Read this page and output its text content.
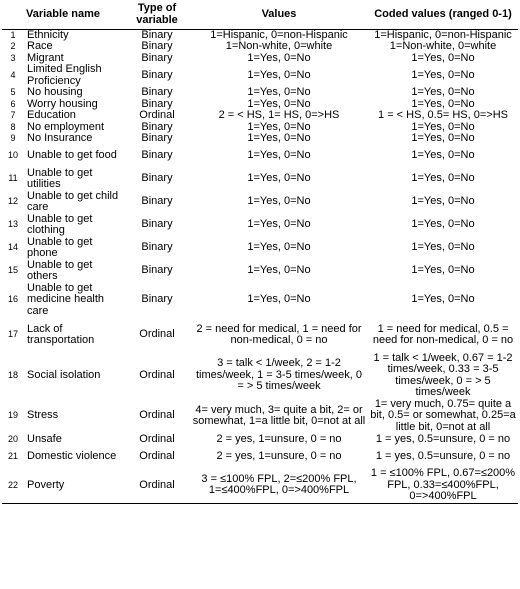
	Variable name	Type of variable	Values	Coded values (ranged 0-1)
1	Ethnicity	Binary	1=Hispanic, 0=non-Hispanic	1=Hispanic, 0=non-Hispanic
2	Race	Binary	1=Non-white, 0=white	1=Non-white, 0=white
3	Migrant	Binary	1=Yes, 0=No	1=Yes, 0=No
4	Limited English Proficiency	Binary	1=Yes, 0=No	1=Yes, 0=No
5	No housing	Binary	1=Yes, 0=No	1=Yes, 0=No
6	Worry housing	Binary	1=Yes, 0=No	1=Yes, 0=No
7	Education	Ordinal	2 = < HS, 1= HS, 0=>HS	1 = < HS, 0.5= HS, 0=>HS
8	No employment	Binary	1=Yes, 0=No	1=Yes, 0=No
9	No Insurance	Binary	1=Yes, 0=No	1=Yes, 0=No
10	Unable to get food	Binary	1=Yes, 0=No	1=Yes, 0=No
11	Unable to get utilities	Binary	1=Yes, 0=No	1=Yes, 0=No
12	Unable to get child care	Binary	1=Yes, 0=No	1=Yes, 0=No
13	Unable to get clothing	Binary	1=Yes, 0=No	1=Yes, 0=No
14	Unable to get phone	Binary	1=Yes, 0=No	1=Yes, 0=No
15	Unable to get others	Binary	1=Yes, 0=No	1=Yes, 0=No
16	Unable to get medicine health care	Binary	1=Yes, 0=No	1=Yes, 0=No
17	Lack of transportation	Ordinal	2 = need for medical, 1 = need for non-medical, 0 = no	1 = need for medical, 0.5 = need for non-medical, 0 = no
18	Social isolation	Ordinal	3 = talk < 1/week, 2 = 1-2 times/week, 1 = 3-5 times/week, 0 = > 5 times/week	1 = talk < 1/week, 0.67 = 1-2 times/week, 0.33 = 3-5 times/week, 0 = > 5 times/week
19	Stress	Ordinal	4= very much, 3= quite a bit, 2= or somewhat, 1=a little bit, 0=not at all	1= very much, 0.75= quite a bit, 0.5= or somewhat, 0.25=a little bit, 0=not at all
20	Unsafe	Ordinal	2 = yes, 1=unsure, 0 = no	1 = yes, 0.5=unsure, 0 = no
21	Domestic violence	Ordinal	2 = yes, 1=unsure, 0 = no	1 = yes, 0.5=unsure, 0 = no
22	Poverty	Ordinal	3 = ≤100% FPL, 2=≤200% FPL, 1=≤400%FPL, 0=>400%FPL	1 = ≤100% FPL, 0.67=≤200% FPL, 0.33=≤400%FPL, 0=>400%FPL
